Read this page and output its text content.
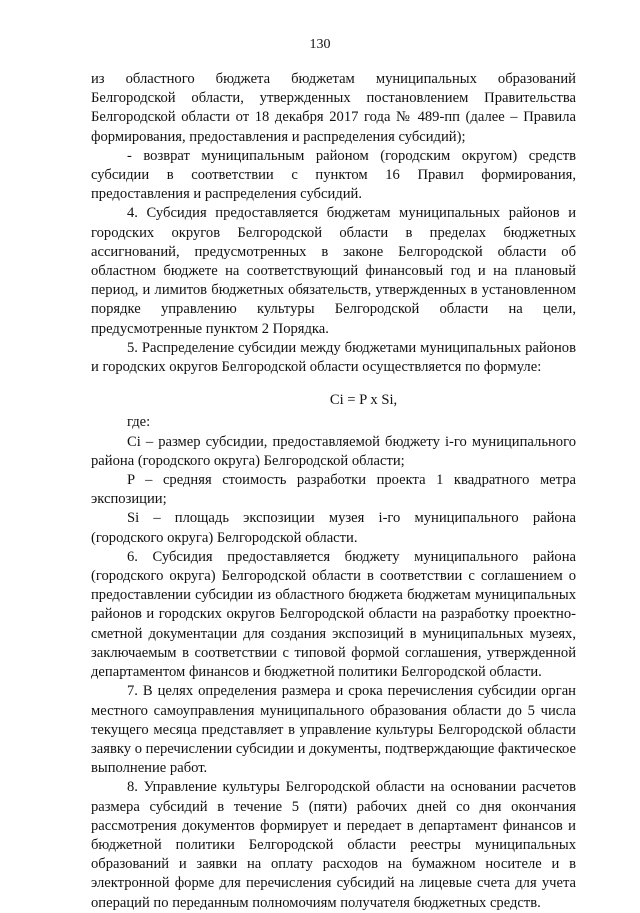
130

из областного бюджета бюджетам муниципальных образований Белгородской области, утвержденных постановлением Правительства Белгородской области от 18 декабря 2017 года № 489-пп (далее – Правила формирования, предоставления и распределения субсидий);

- возврат муниципальным районом (городским округом) средств субсидии в соответствии с пунктом 16 Правил формирования, предоставления и распределения субсидий.

4. Субсидия предоставляется бюджетам муниципальных районов и городских округов Белгородской области в пределах бюджетных ассигнований, предусмотренных в законе Белгородской области об областном бюджете на соответствующий финансовый год и на плановый период, и лимитов бюджетных обязательств, утвержденных в установленном порядке управлению культуры Белгородской области на цели, предусмотренные пунктом 2 Порядка.

5. Распределение субсидии между бюджетами муниципальных районов и городских округов Белгородской области осуществляется по формуле:

Ci = P x Si,

где:

Ci – размер субсидии, предоставляемой бюджету i-го муниципального района (городского округа) Белгородской области;

P – средняя стоимость разработки проекта 1 квадратного метра экспозиции;

Si – площадь экспозиции музея i-го муниципального района (городского округа) Белгородской области.

6. Субсидия предоставляется бюджету муниципального района (городского округа) Белгородской области в соответствии с соглашением о предоставлении субсидии из областного бюджета бюджетам муниципальных районов и городских округов Белгородской области на разработку проектно-сметной документации для создания экспозиций в муниципальных музеях, заключаемым в соответствии с типовой формой соглашения, утвержденной департаментом финансов и бюджетной политики Белгородской области.

7. В целях определения размера и срока перечисления субсидии орган местного самоуправления муниципального образования области до 5 числа текущего месяца представляет в управление культуры Белгородской области заявку о перечислении субсидии и документы, подтверждающие фактическое выполнение работ.

8. Управление культуры Белгородской области на основании расчетов размера субсидий в течение 5 (пяти) рабочих дней со дня окончания рассмотрения документов формирует и передает в департамент финансов и бюджетной политики Белгородской области реестры муниципальных образований и заявки на оплату расходов на бумажном носителе и в электронной форме для перечисления субсидий на лицевые счета для учета операций по переданным полномочиям получателя бюджетных средств.
